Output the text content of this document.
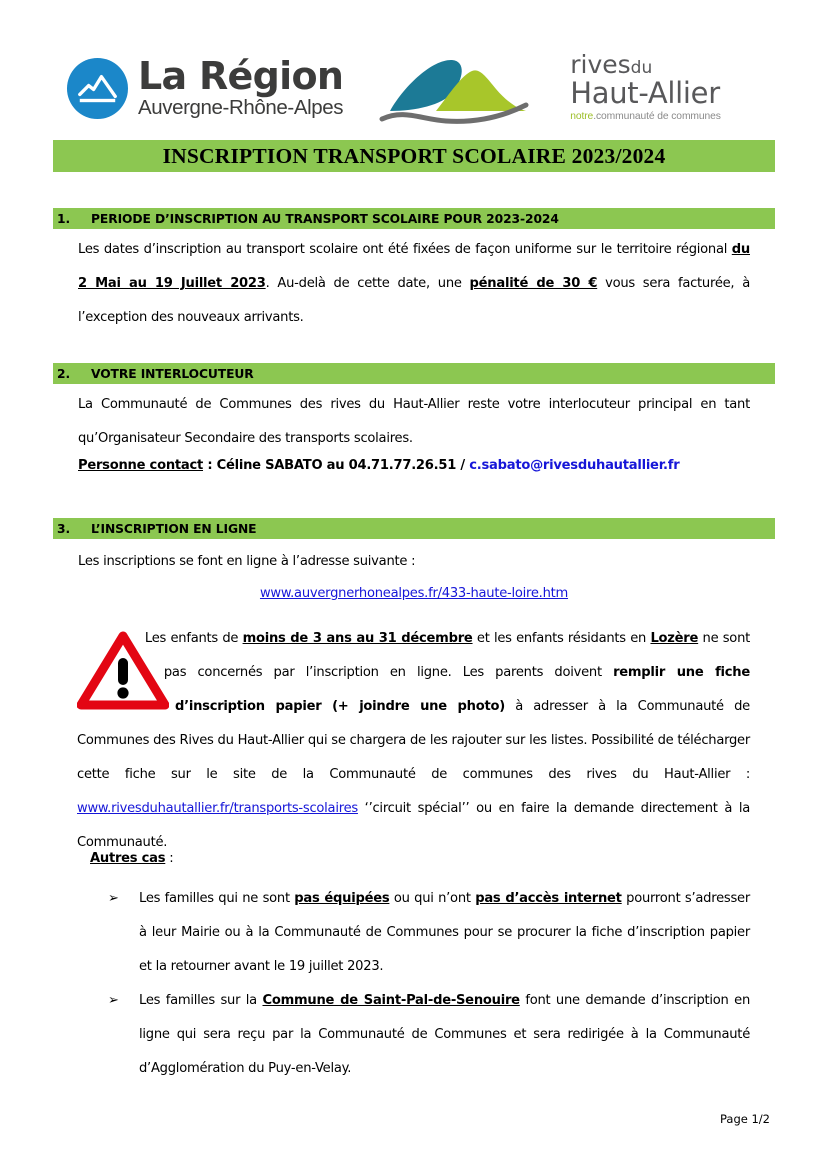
La Région
Auvergne-Rhône-Alpes
rivesdu
Haut-Allier
notre.communauté de communes
INSCRIPTION TRANSPORT SCOLAIRE 2023/2024
1.	PERIODE D’INSCRIPTION AU TRANSPORT SCOLAIRE POUR 2023-2024
Les dates d’inscription au transport scolaire ont été fixées de façon uniforme sur le territoire régional du 2 Mai au 19 Juillet 2023. Au-delà de cette date, une pénalité de 30 € vous sera facturée, à l’exception des nouveaux arrivants.
2.	VOTRE INTERLOCUTEUR
La Communauté de Communes des rives du Haut-Allier reste votre interlocuteur principal en tant qu’Organisateur Secondaire des transports scolaires.
Personne contact : Céline SABATO au 04.71.77.26.51 / c.sabato@rivesduhautallier.fr
3.	L’INSCRIPTION EN LIGNE
Les inscriptions se font en ligne à l’adresse suivante :
www.auvergnerhonealpes.fr/433-haute-loire.htm
Les enfants de moins de 3 ans au 31 décembre et les enfants résidants en Lozère ne sont pas concernés par l’inscription en ligne. Les parents doivent remplir une fiche d’inscription papier (+ joindre une photo) à adresser à la Communauté de Communes des Rives du Haut-Allier qui se chargera de les rajouter sur les listes. Possibilité de télécharger cette fiche sur le site de la Communauté de communes des rives du Haut-Allier : www.rivesduhautallier.fr/transports-scolaires ‘’circuit spécial’’ ou en faire la demande directement à la Communauté.
Autres cas :
➢ Les familles qui ne sont pas équipées ou qui n’ont pas d’accès internet pourront s’adresser à leur Mairie ou à la Communauté de Communes pour se procurer la fiche d’inscription papier et la retourner avant le 19 juillet 2023.
➢ Les familles sur la Commune de Saint-Pal-de-Senouire font une demande d’inscription en ligne qui sera reçu par la Communauté de Communes et sera redirigée à la Communauté d’Agglomération du Puy-en-Velay.
Page 1/2
